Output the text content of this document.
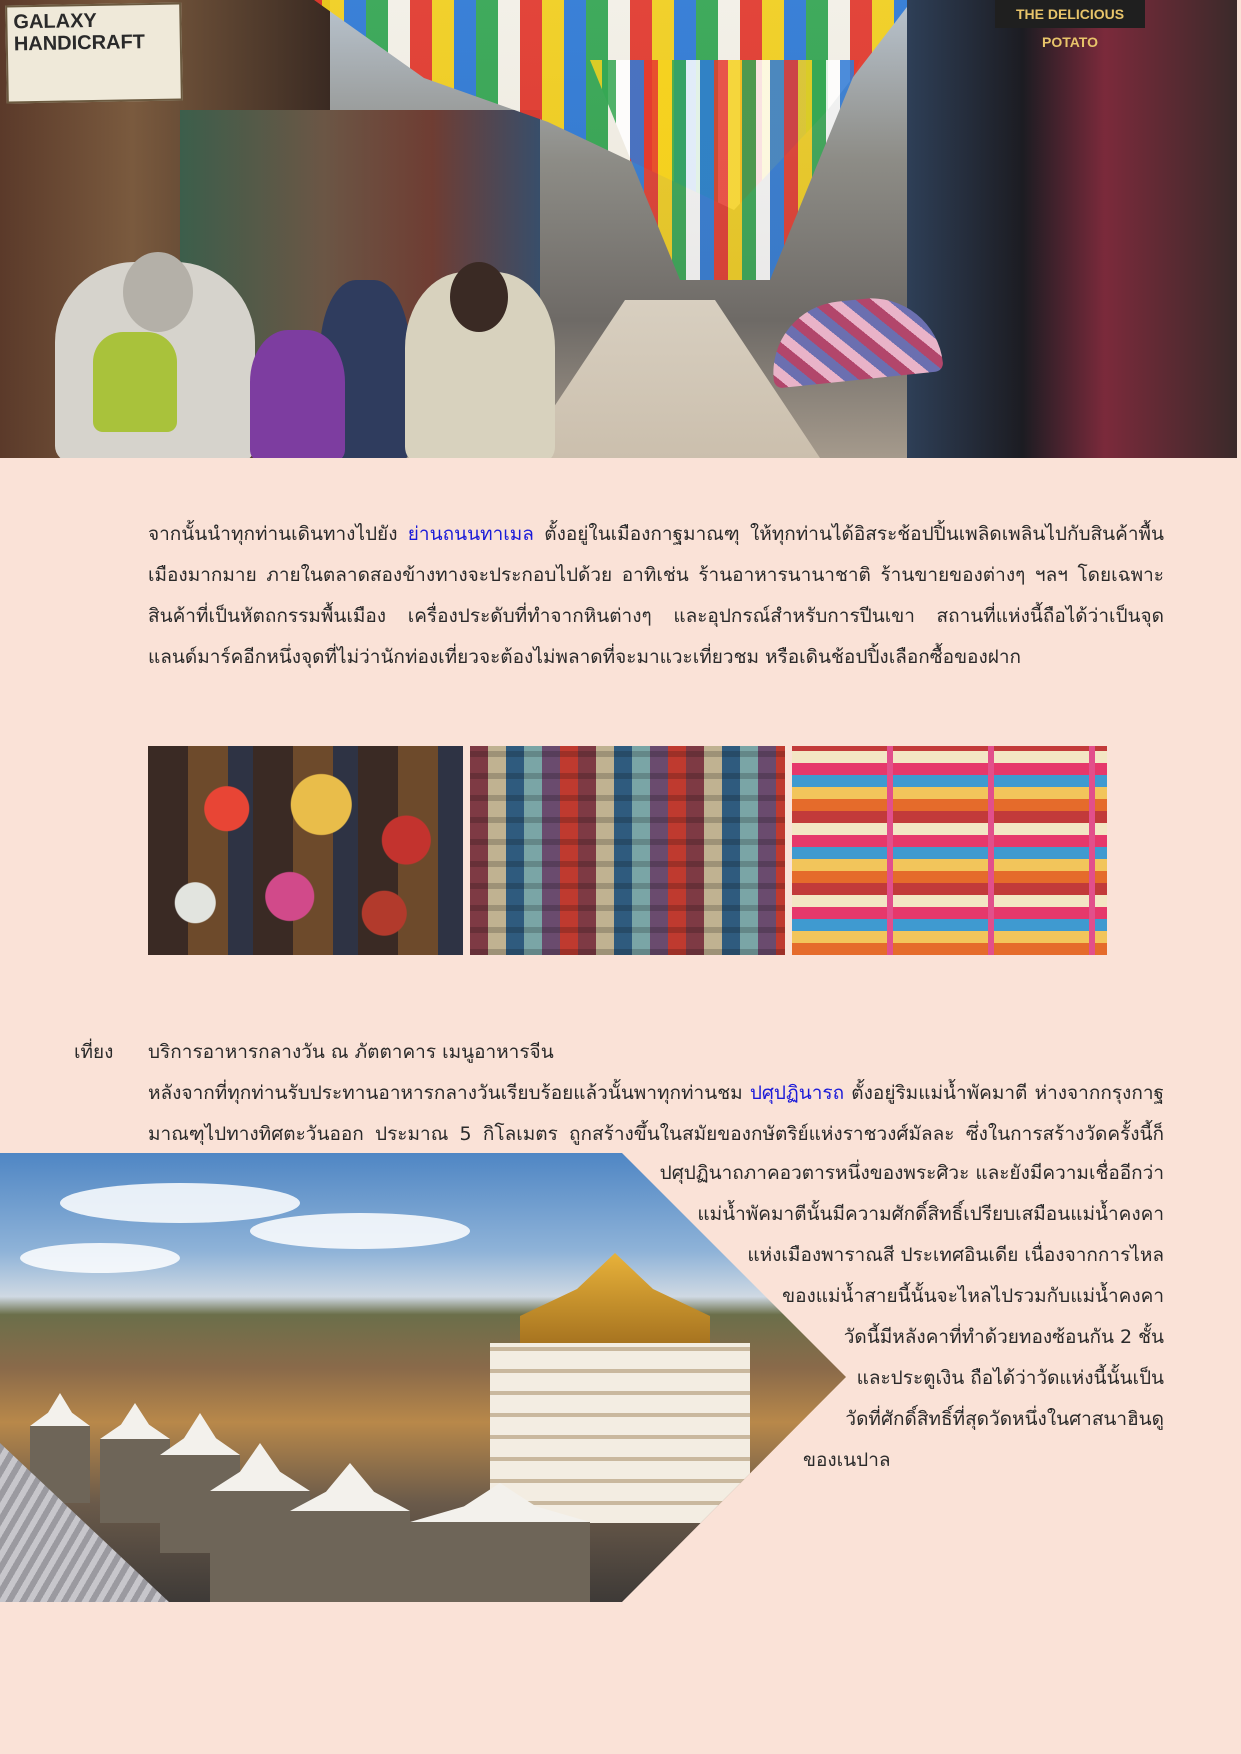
GALAXY HANDICRAFT
THE DELICIOUS POTATO

จากนั้นนำทุกท่านเดินทางไปยัง ย่านถนนทาเมล ตั้งอยู่ในเมืองกาฐมาณฑุ ให้ทุกท่านได้อิสระช้อปปิ้นเพลิดเพลินไปกับสินค้าพื้นเมืองมากมาย ภายในตลาดสองข้างทางจะประกอบไปด้วย อาทิเช่น ร้านอาหารนานาชาติ ร้านขายของต่างๆ ฯลฯ โดยเฉพาะสินค้าที่เป็นหัตถกรรมพื้นเมือง เครื่องประดับที่ทำจากหินต่างๆ และอุปกรณ์สำหรับการปีนเขา สถานที่แห่งนี้ถือได้ว่าเป็นจุดแลนด์มาร์คอีกหนึ่งจุดที่ไม่ว่านักท่องเที่ยวจะต้องไม่พลาดที่จะมาแวะเที่ยวชม หรือเดินช้อปปิ้งเลือกซื้อของฝาก

เที่ยง บริการอาหารกลางวัน ณ ภัตตาคาร เมนูอาหารจีน

หลังจากที่ทุกท่านรับประทานอาหารกลางวันเรียบร้อยแล้วนั้นพาทุกท่านชม ปศุปฏินารถ ตั้งอยู่ริมแม่น้ำพัคมาตี ห่างจากกรุงกาฐมาณฑุไปทางทิศตะวันออก ประมาณ 5 กิโลเมตร ถูกสร้างขึ้นในสมัยของกษัตริย์แห่งราชวงศ์มัลละ ซึ่งในการสร้างวัดครั้งนี้ก็

ปศุปฏินาถภาคอวตารหนึ่งของพระศิวะ และยังมีความเชื่ออีกว่า
แม่น้ำพัคมาตีนั้นมีความศักดิ์สิทธิ์เปรียบเสมือนแม่น้ำคงคา
แห่งเมืองพาราณสี ประเทศอินเดีย เนื่องจากการไหล
ของแม่น้ำสายนี้นั้นจะไหลไปรวมกับแม่น้ำคงคา
วัดนี้มีหลังคาที่ทำด้วยทองซ้อนกัน 2 ชั้น
และประตูเงิน ถือได้ว่าวัดแห่งนี้นั้นเป็น
วัดที่ศักดิ์สิทธิ์ที่สุดวัดหนึ่งในศาสนาฮินดู
ของเนปาล
